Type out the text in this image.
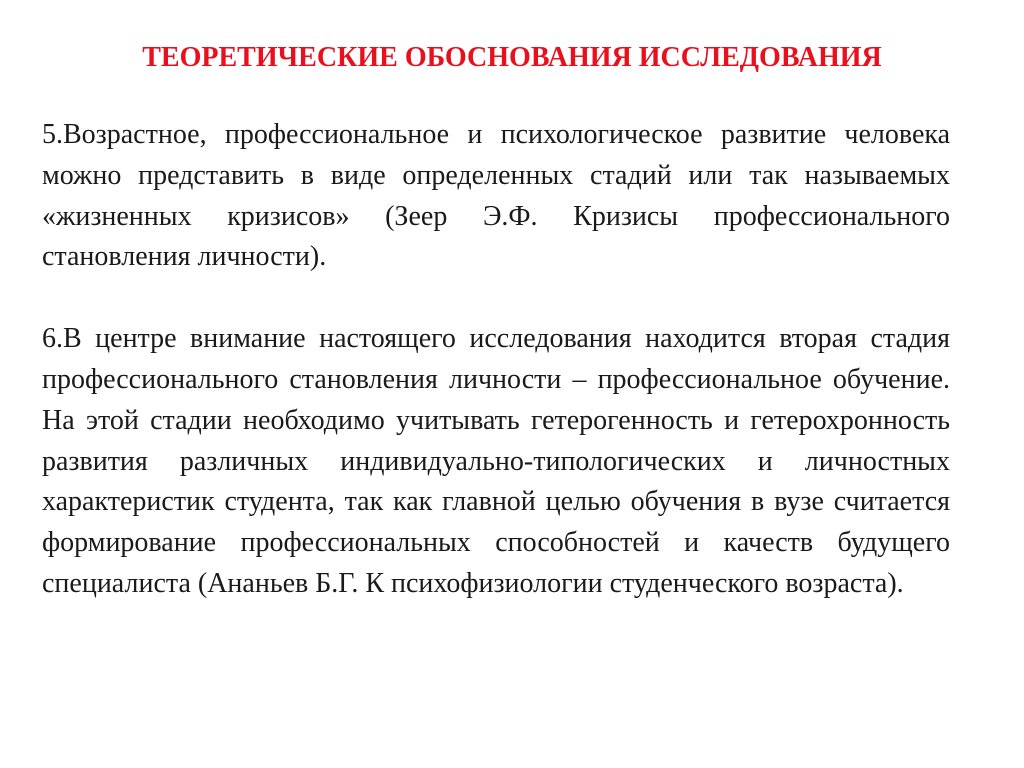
ТЕОРЕТИЧЕСКИЕ ОБОСНОВАНИЯ ИССЛЕДОВАНИЯ

5.Возрастное, профессиональное и психологическое развитие человека можно представить в виде определенных стадий или так называемых «жизненных кризисов» (Зеер Э.Ф. Кризисы профессионального становления личности).

6.В центре внимание настоящего исследования находится вторая стадия профессионального становления личности – профессиональное обучение. На этой стадии необходимо учитывать гетерогенность и гетерохронность развития различных индивидуально-типологических и личностных характеристик студента, так как главной целью обучения в вузе считается формирование профессиональных способностей и качеств будущего специалиста (Ананьев Б.Г. К психофизиологии студенческого возраста).
